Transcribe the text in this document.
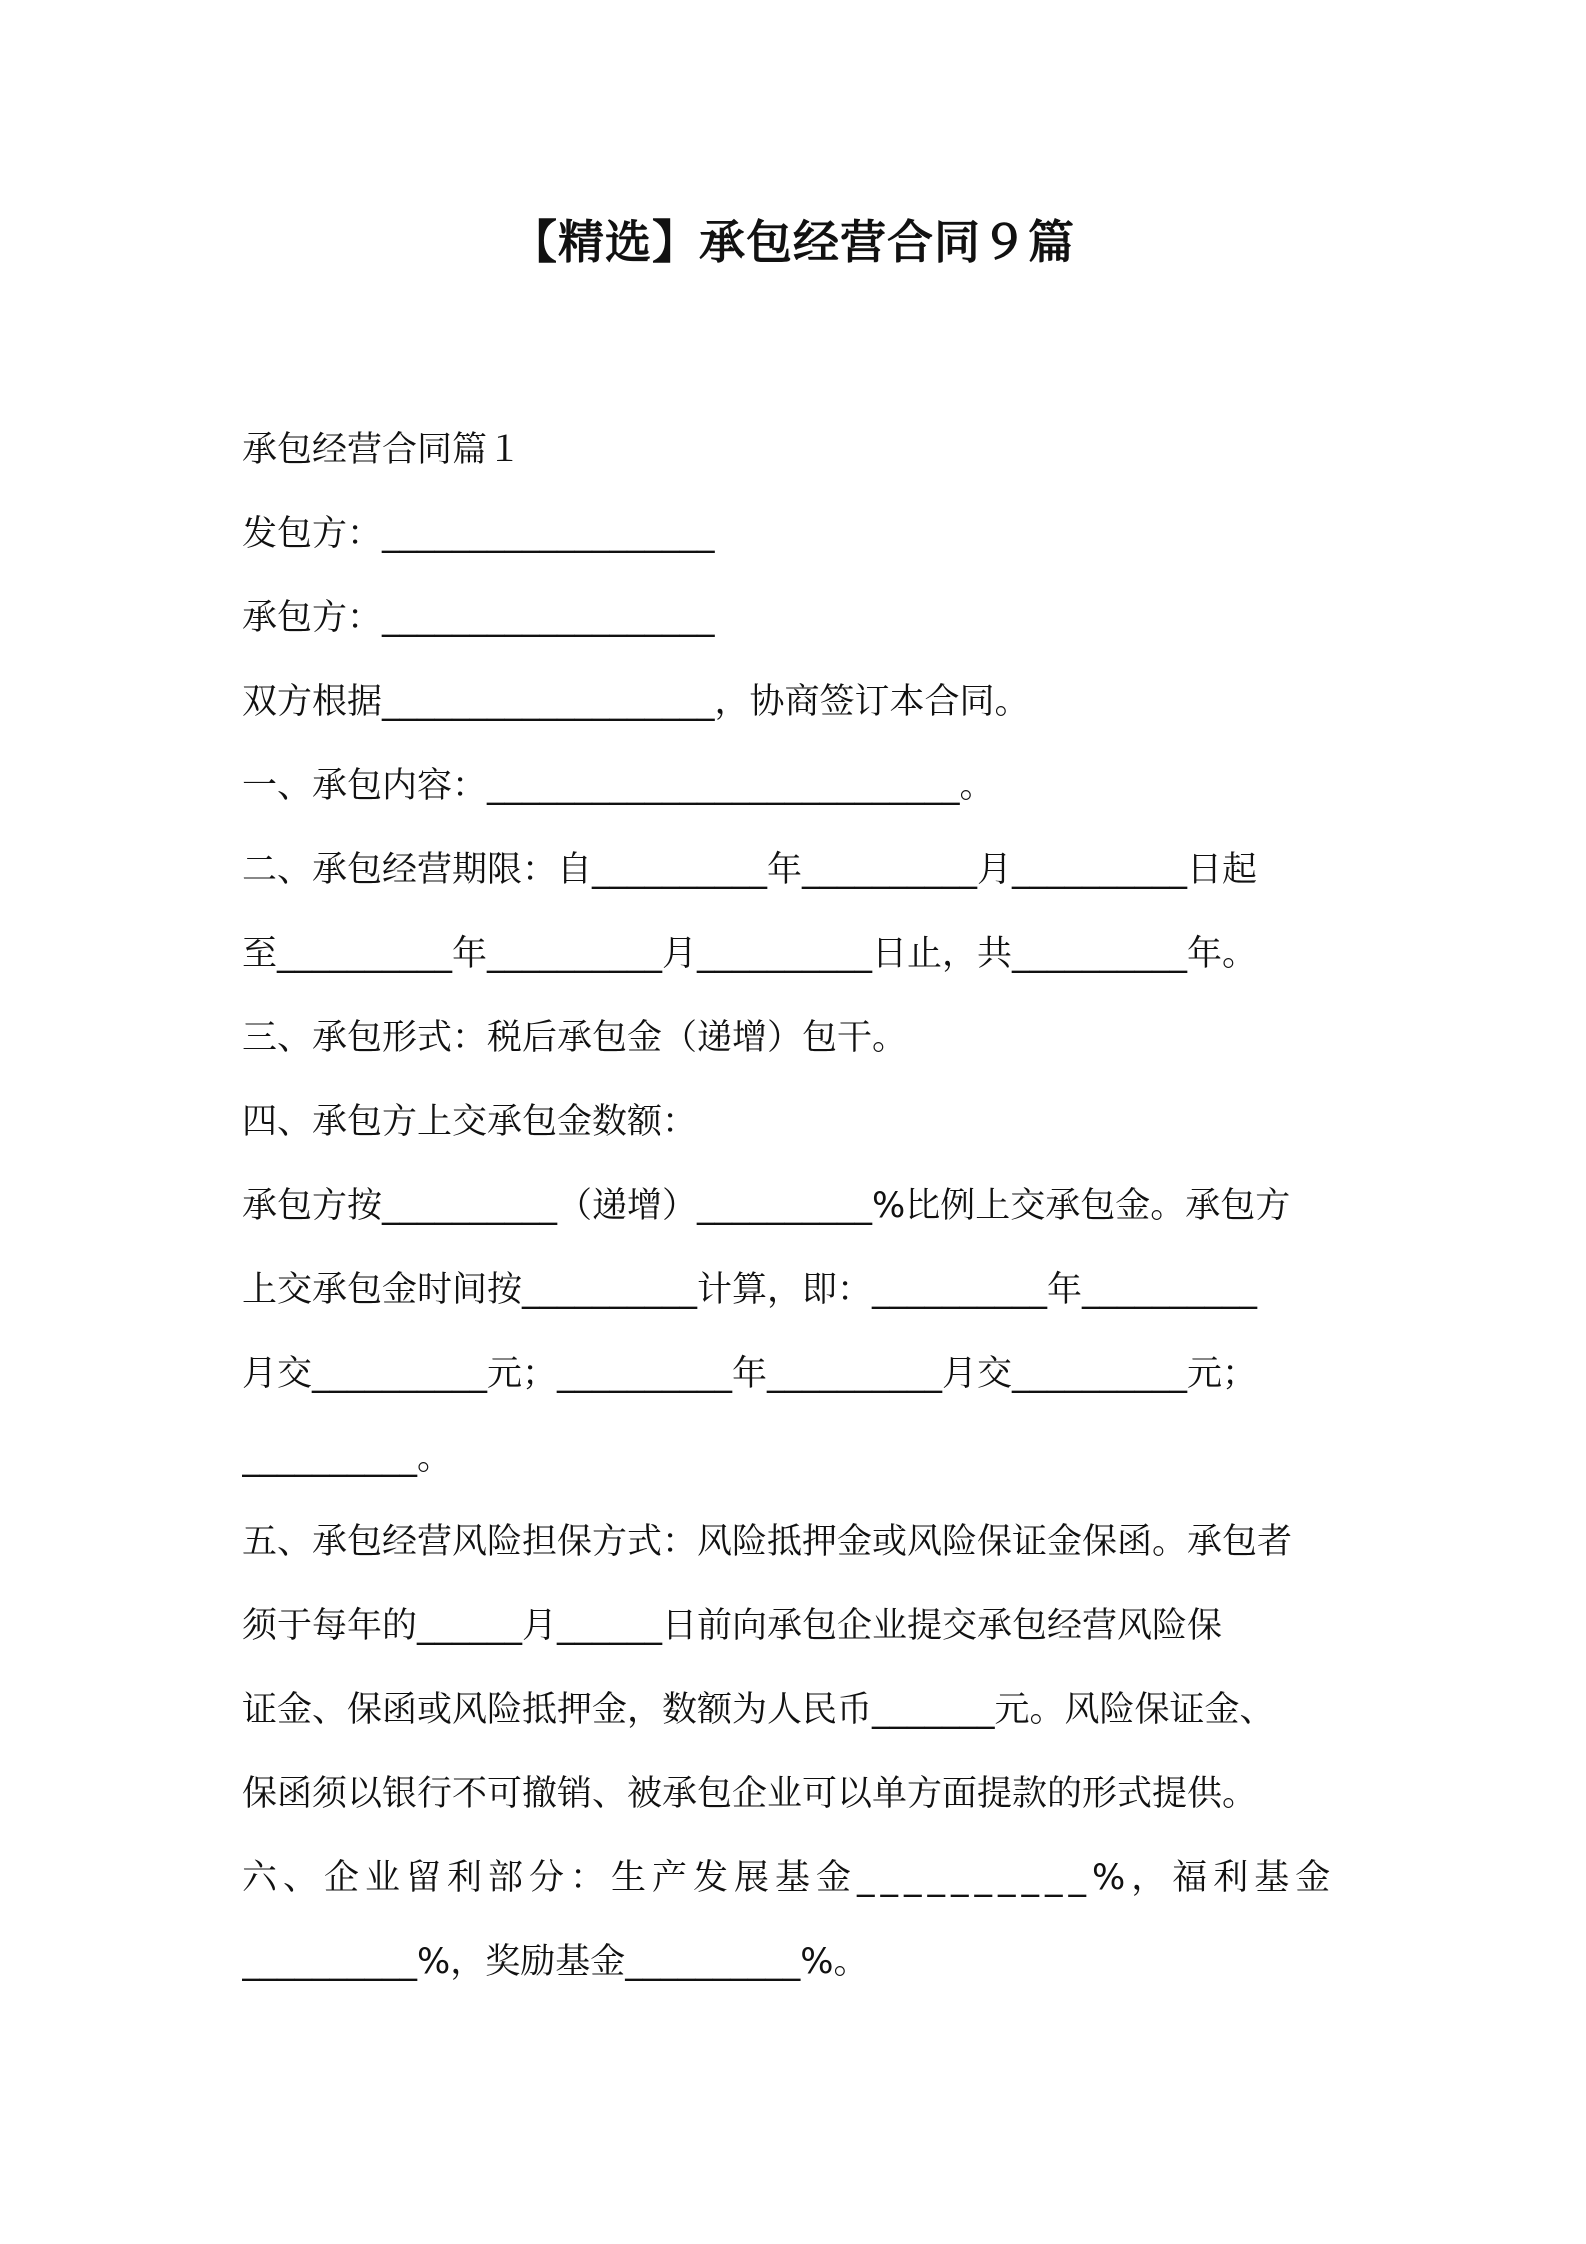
【精选】承包经营合同９篇
承包经营合同篇１
发包方：___________________
承包方：___________________
双方根据___________________，协商签订本合同。
一、承包内容：___________________________。
二、承包经营期限：自__________年__________月__________日起
至__________年__________月__________日止，共__________年。
三、承包形式：税后承包金（递增）包干。
四、承包方上交承包金数额：
承包方按__________（递增）__________%比例上交承包金。承包方
上交承包金时间按__________计算，即：__________年__________
月交__________元；__________年__________月交__________元；
__________。
五、承包经营风险担保方式：风险抵押金或风险保证金保函。承包者
须于每年的______月______日前向承包企业提交承包经营风险保
证金、保函或风险抵押金，数额为人民币_______元。风险保证金、
保函须以银行不可撤销、被承包企业可以单方面提款的形式提供。
六、企业留利部分：生产发展基金__________%，福利基金
__________%，奖励基金__________%。
